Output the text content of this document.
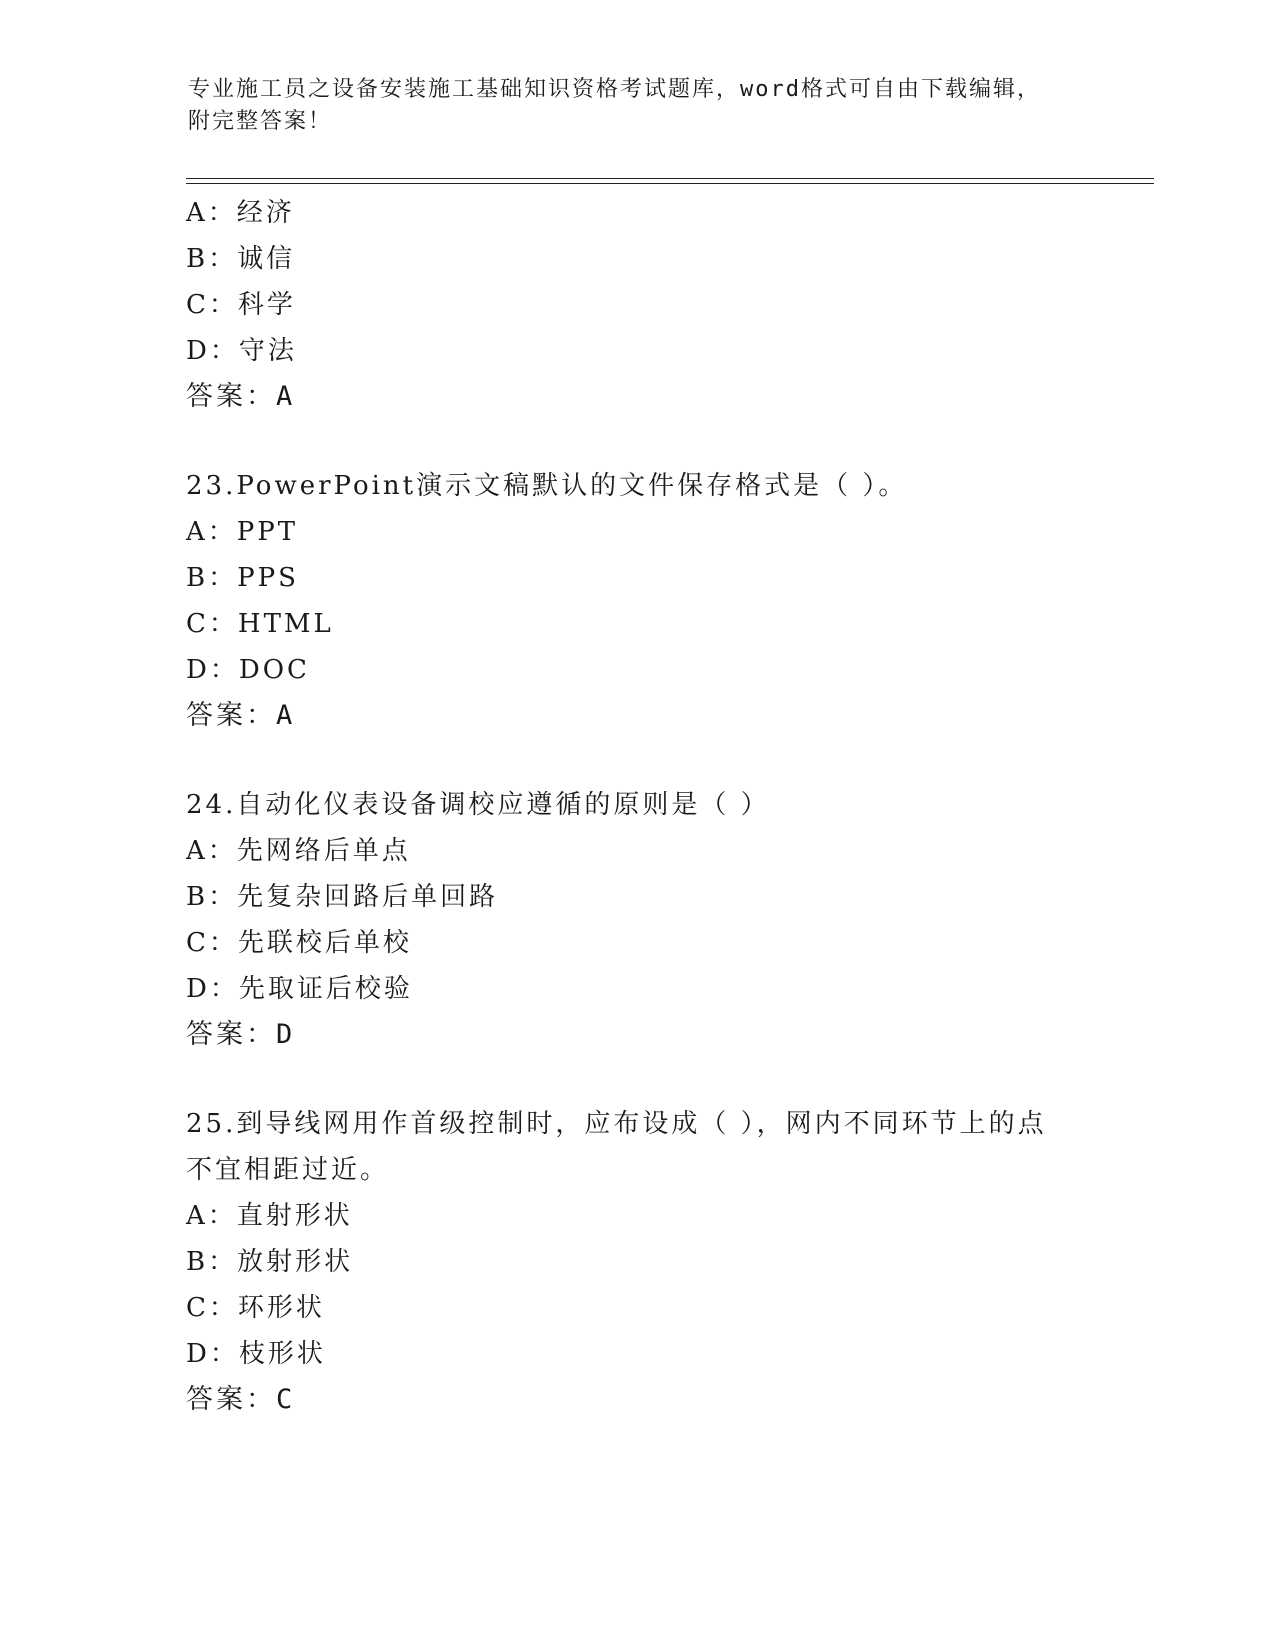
专业施工员之设备安装施工基础知识资格考试题库，word格式可自由下载编辑，
附完整答案！
A：经济
B：诚信
C：科学
D：守法
答案：A
23.PowerPoint演示文稿默认的文件保存格式是（ ）。
A：PPT
B：PPS
C：HTML
D：DOC
答案：A
24.自动化仪表设备调校应遵循的原则是（ ）
A：先网络后单点
B：先复杂回路后单回路
C：先联校后单校
D：先取证后校验
答案：D
25.到导线网用作首级控制时，应布设成（ ），网内不同环节上的点
不宜相距过近。
A：直射形状
B：放射形状
C：环形状
D：枝形状
答案：C
